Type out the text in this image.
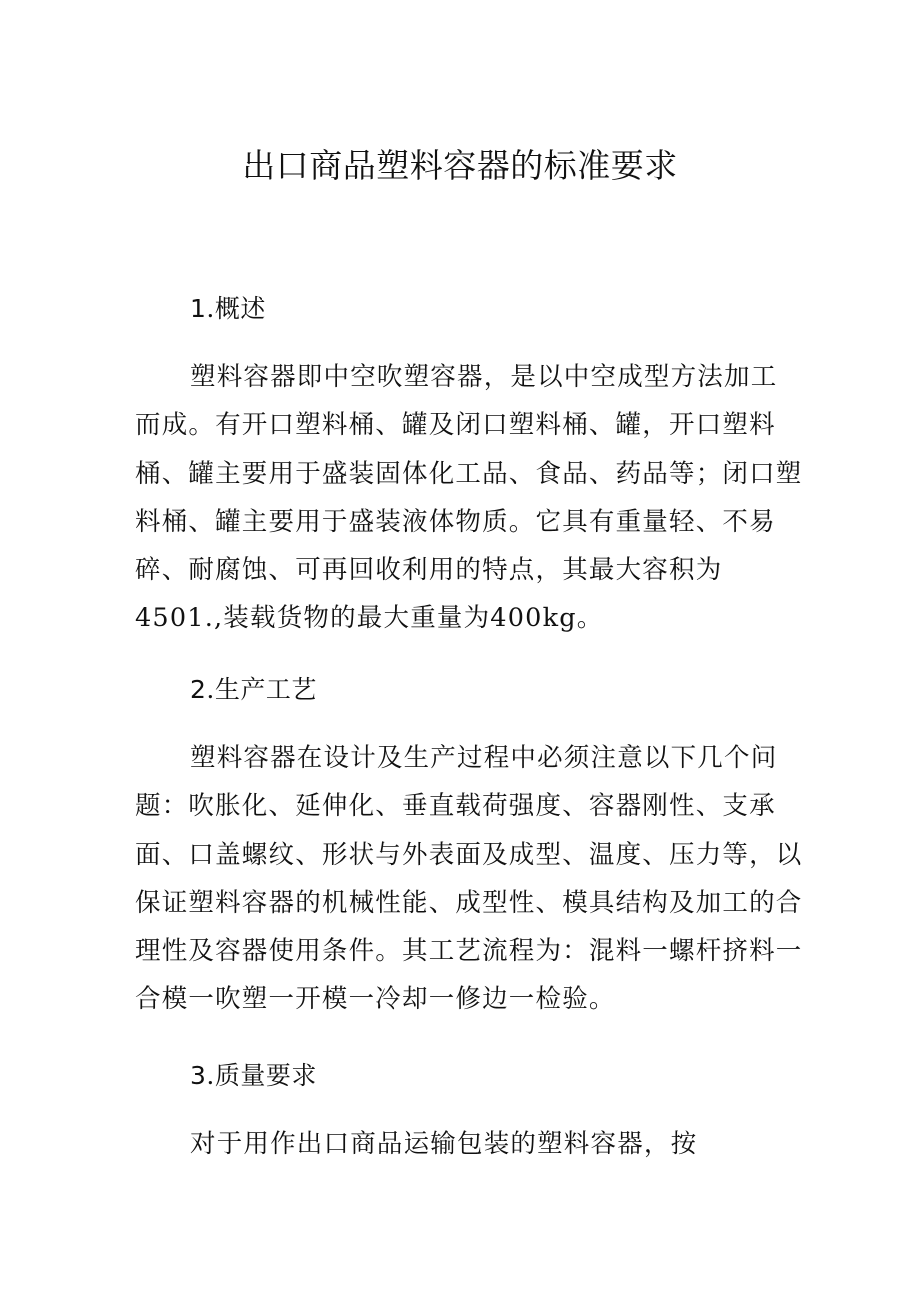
出口商品塑料容器的标准要求
1.概述
塑料容器即中空吹塑容器，是以中空成型方法加工
而成。有开口塑料桶、罐及闭口塑料桶、罐，开口塑料
桶、罐主要用于盛装固体化工品、食品、药品等；闭口塑
料桶、罐主要用于盛装液体物质。它具有重量轻、不易
碎、耐腐蚀、可再回收利用的特点，其最大容积为
4501.,装载货物的最大重量为400kg。
2.生产工艺
塑料容器在设计及生产过程中必须注意以下几个问
题：吹胀化、延伸化、垂直载荷强度、容器刚性、支承
面、口盖螺纹、形状与外表面及成型、温度、压力等，以
保证塑料容器的机械性能、成型性、模具结构及加工的合
理性及容器使用条件。其工艺流程为：混料一螺杆挤料一
合模一吹塑一开模一冷却一修边一检验。
3.质量要求
对于用作出口商品运输包装的塑料容器，按
